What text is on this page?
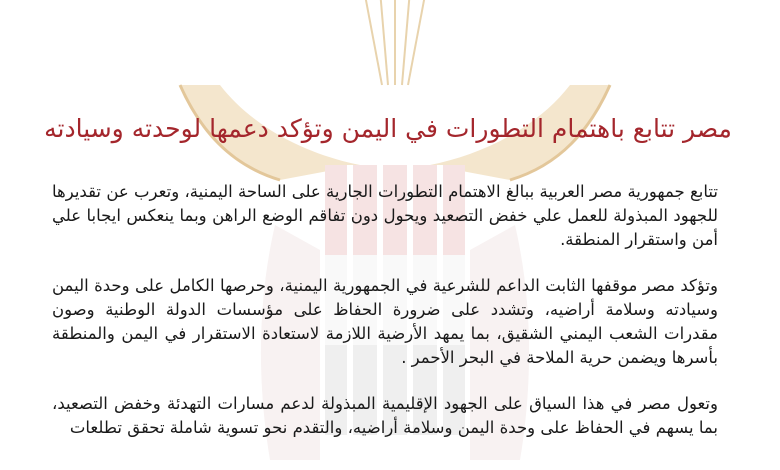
مصر تتابع باهتمام التطورات في اليمن وتؤكد دعمها لوحدته وسيادته

تتابع جمهورية مصر العربية ببالغ الاهتمام التطورات الجارية على الساحة اليمنية، وتعرب عن تقديرها للجهود المبذولة للعمل علي خفض التصعيد ويحول دون تفاقم الوضع الراهن وبما ينعكس ايجابا علي أمن واستقرار المنطقة.

وتؤكد مصر موقفها الثابت الداعم للشرعية في الجمهورية اليمنية، وحرصها الكامل على وحدة اليمن وسيادته وسلامة أراضيه، وتشدد على ضرورة الحفاظ على مؤسسات الدولة الوطنية وصون مقدرات الشعب اليمني الشقيق، بما يمهد الأرضية اللازمة لاستعادة الاستقرار في اليمن والمنطقة بأسرها ويضمن حرية الملاحة في البحر الأحمر .

وتعول مصر في هذا السياق على الجهود الإقليمية المبذولة لدعم مسارات التهدئة وخفض التصعيد، بما يسهم في الحفاظ على وحدة اليمن وسلامة أراضيه، والتقدم نحو تسوية شاملة تحقق تطلعات
